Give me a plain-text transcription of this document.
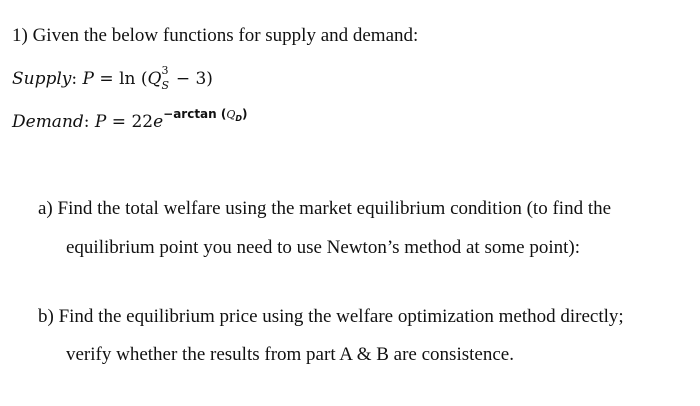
1) Given the below functions for supply and demand:
Supply: P = ln (Q 3
S − 3)
Demand: $P = 22e^{-arctan (Q_D)}$
a) Find the total welfare using the market equilibrium condition (to find the
equilibrium point you need to use Newton’s method at some point):
b) Find the equilibrium price using the welfare optimization method directly;
verify whether the results from part A & B are consistence.
